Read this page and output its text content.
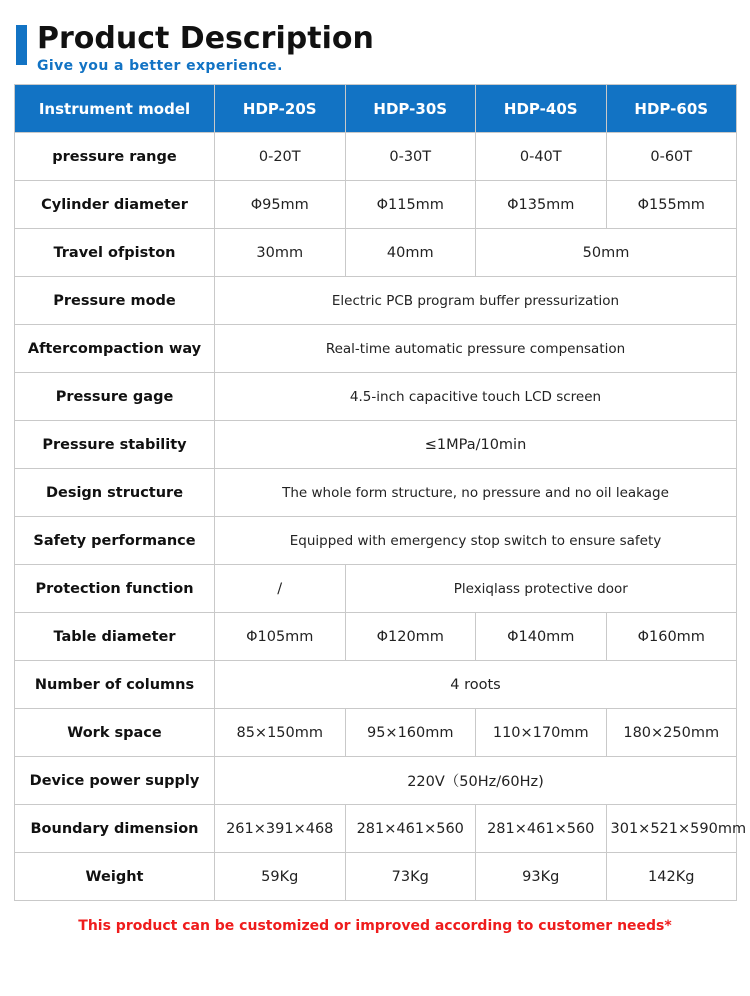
Product Description
Give you a better experience.
Instrument model	HDP-20S	HDP-30S	HDP-40S	HDP-60S
pressure range	0-20T	0-30T	0-40T	0-60T
Cylinder diameter	Φ95mm	Φ115mm	Φ135mm	Φ155mm
Travel ofpiston	30mm	40mm	50mm	
Pressure mode	Electric PCB program buffer pressurization			
Aftercompaction way	Real-time automatic pressure compensation			
Pressure gage	4.5-inch capacitive touch LCD screen			
Pressure stability	≤1MPa/10min			
Design structure	The whole form structure, no pressure and no oil leakage			
Safety performance	Equipped with emergency stop switch to ensure safety			
Protection function	/	Plexiqlass protective door		
Table diameter	Φ105mm	Φ120mm	Φ140mm	Φ160mm
Number of columns	4 roots			
Work space	85×150mm	95×160mm	110×170mm	180×250mm
Device power supply	220V（50Hz/60Hz)			
Boundary dimension	261×391×468	281×461×560	281×461×560	301×521×590mm
Weight	59Kg	73Kg	93Kg	142Kg
This product can be customized or improved according to customer needs*
